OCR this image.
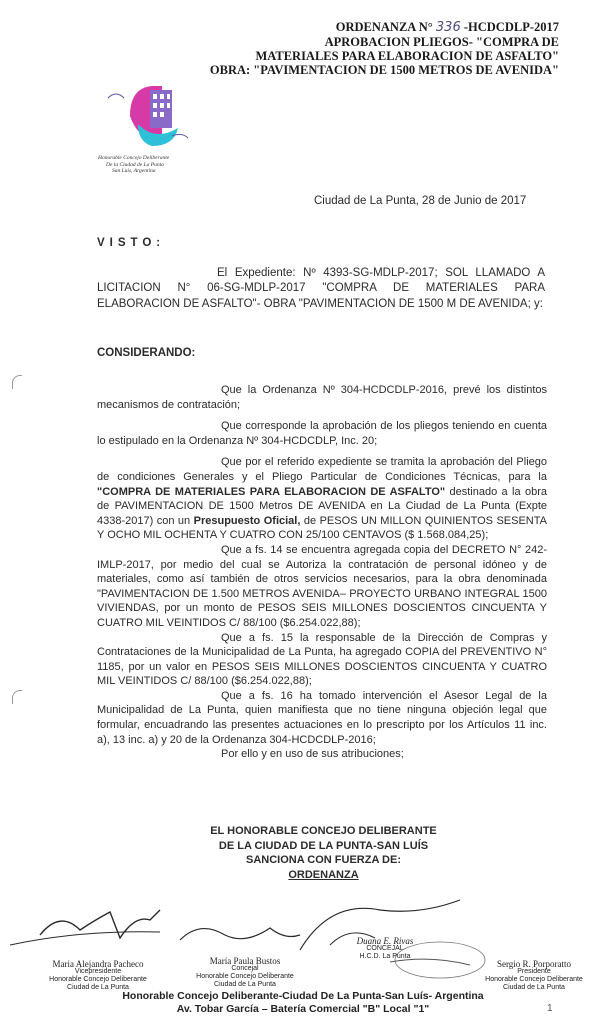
ORDENANZA N° 336 -HCDCDLP-2017
APROBACION PLIEGOS- "COMPRA DE
MATERIALES PARA ELABORACION DE ASFALTO"
OBRA: "PAVIMENTACION DE 1500 METROS DE AVENIDA"
Honorable Concejo Deliberante
De la Ciudad de La Punta
San Luis, Argentina
Ciudad de La Punta, 28 de Junio de 2017
VISTO:

El Expediente: Nº 4393-SG-MDLP-2017; SOL LLAMADO A LICITACION N° 06-SG-MDLP-2017 "COMPRA DE MATERIALES PARA ELABORACION DE ASFALTO"- OBRA "PAVIMENTACION DE 1500 M DE AVENIDA; y:

CONSIDERANDO:

Que la Ordenanza Nº 304-HCDCDLP-2016, prevé los distintos mecanismos de contratación;

Que corresponde la aprobación de los pliegos teniendo en cuenta lo estipulado en la Ordenanza Nº 304-HCDCDLP, Inc. 20;

Que por el referido expediente se tramita la aprobación del Pliego de condiciones Generales y el Pliego Particular de Condiciones Técnicas, para la "COMPRA DE MATERIALES PARA ELABORACION DE ASFALTO" destinado a la obra de PAVIMENTACION DE 1500 Metros DE AVENIDA en La Ciudad de La Punta (Expte 4338-2017) con un Presupuesto Oficial, de PESOS UN MILLON QUINIENTOS SESENTA Y OCHO MIL OCHENTA Y CUATRO CON 25/100 CENTAVOS ($ 1.568.084,25);

Que a fs. 14 se encuentra agregada copia del DECRETO N° 242-IMLP-2017, por medio del cual se Autoriza la contratación de personal idóneo y de materiales, como así también de otros servicios necesarios, para la obra denominada "PAVIMENTACION DE 1.500 METROS AVENIDA– PROYECTO URBANO INTEGRAL 1500 VIVIENDAS, por un monto de PESOS SEIS MILLONES DOSCIENTOS CINCUENTA Y CUATRO MIL VEINTIDOS C/ 88/100 ($6.254.022,88);

Que a fs. 15 la responsable de la Dirección de Compras y Contrataciones de la Municipalidad de La Punta, ha agregado COPIA del PREVENTIVO N° 1185, por un valor en PESOS SEIS MILLONES DOSCIENTOS CINCUENTA Y CUATRO MIL VEINTIDOS C/ 88/100 ($6.254.022,88);

Que a fs. 16 ha tomado intervención el Asesor Legal de la Municipalidad de La Punta, quien manifiesta que no tiene ninguna objeción legal que formular, encuadrando las presentes actuaciones en lo prescripto por los Artículos 11 inc. a), 13 inc. a) y 20 de la Ordenanza 304-HCDCDLP-2016;

Por ello y en uso de sus atribuciones;

EL HONORABLE CONCEJO DELIBERANTE
DE LA CIUDAD DE LA PUNTA-SAN LUÍS
SANCIONA CON FUERZA DE:
ORDENANZA
Maria Alejandra Pacheco
Vicepresidente
Honorable Concejo Deliberante
Ciudad de La Punta
María Paula Bustos
Concejal
Honorable Concejo Deliberante
Ciudad de La Punta
Duana E. Rivas
CONCEJAL
H.C.D. La Punta
Sergio R. Porporatto
Presidente
Honorable Concejo Deliberante
Ciudad de La Punta
Honorable Concejo Deliberante-Ciudad De La Punta-San Luís- Argentina
Av. Tobar García – Batería Comercial "B" Local "1"	1
